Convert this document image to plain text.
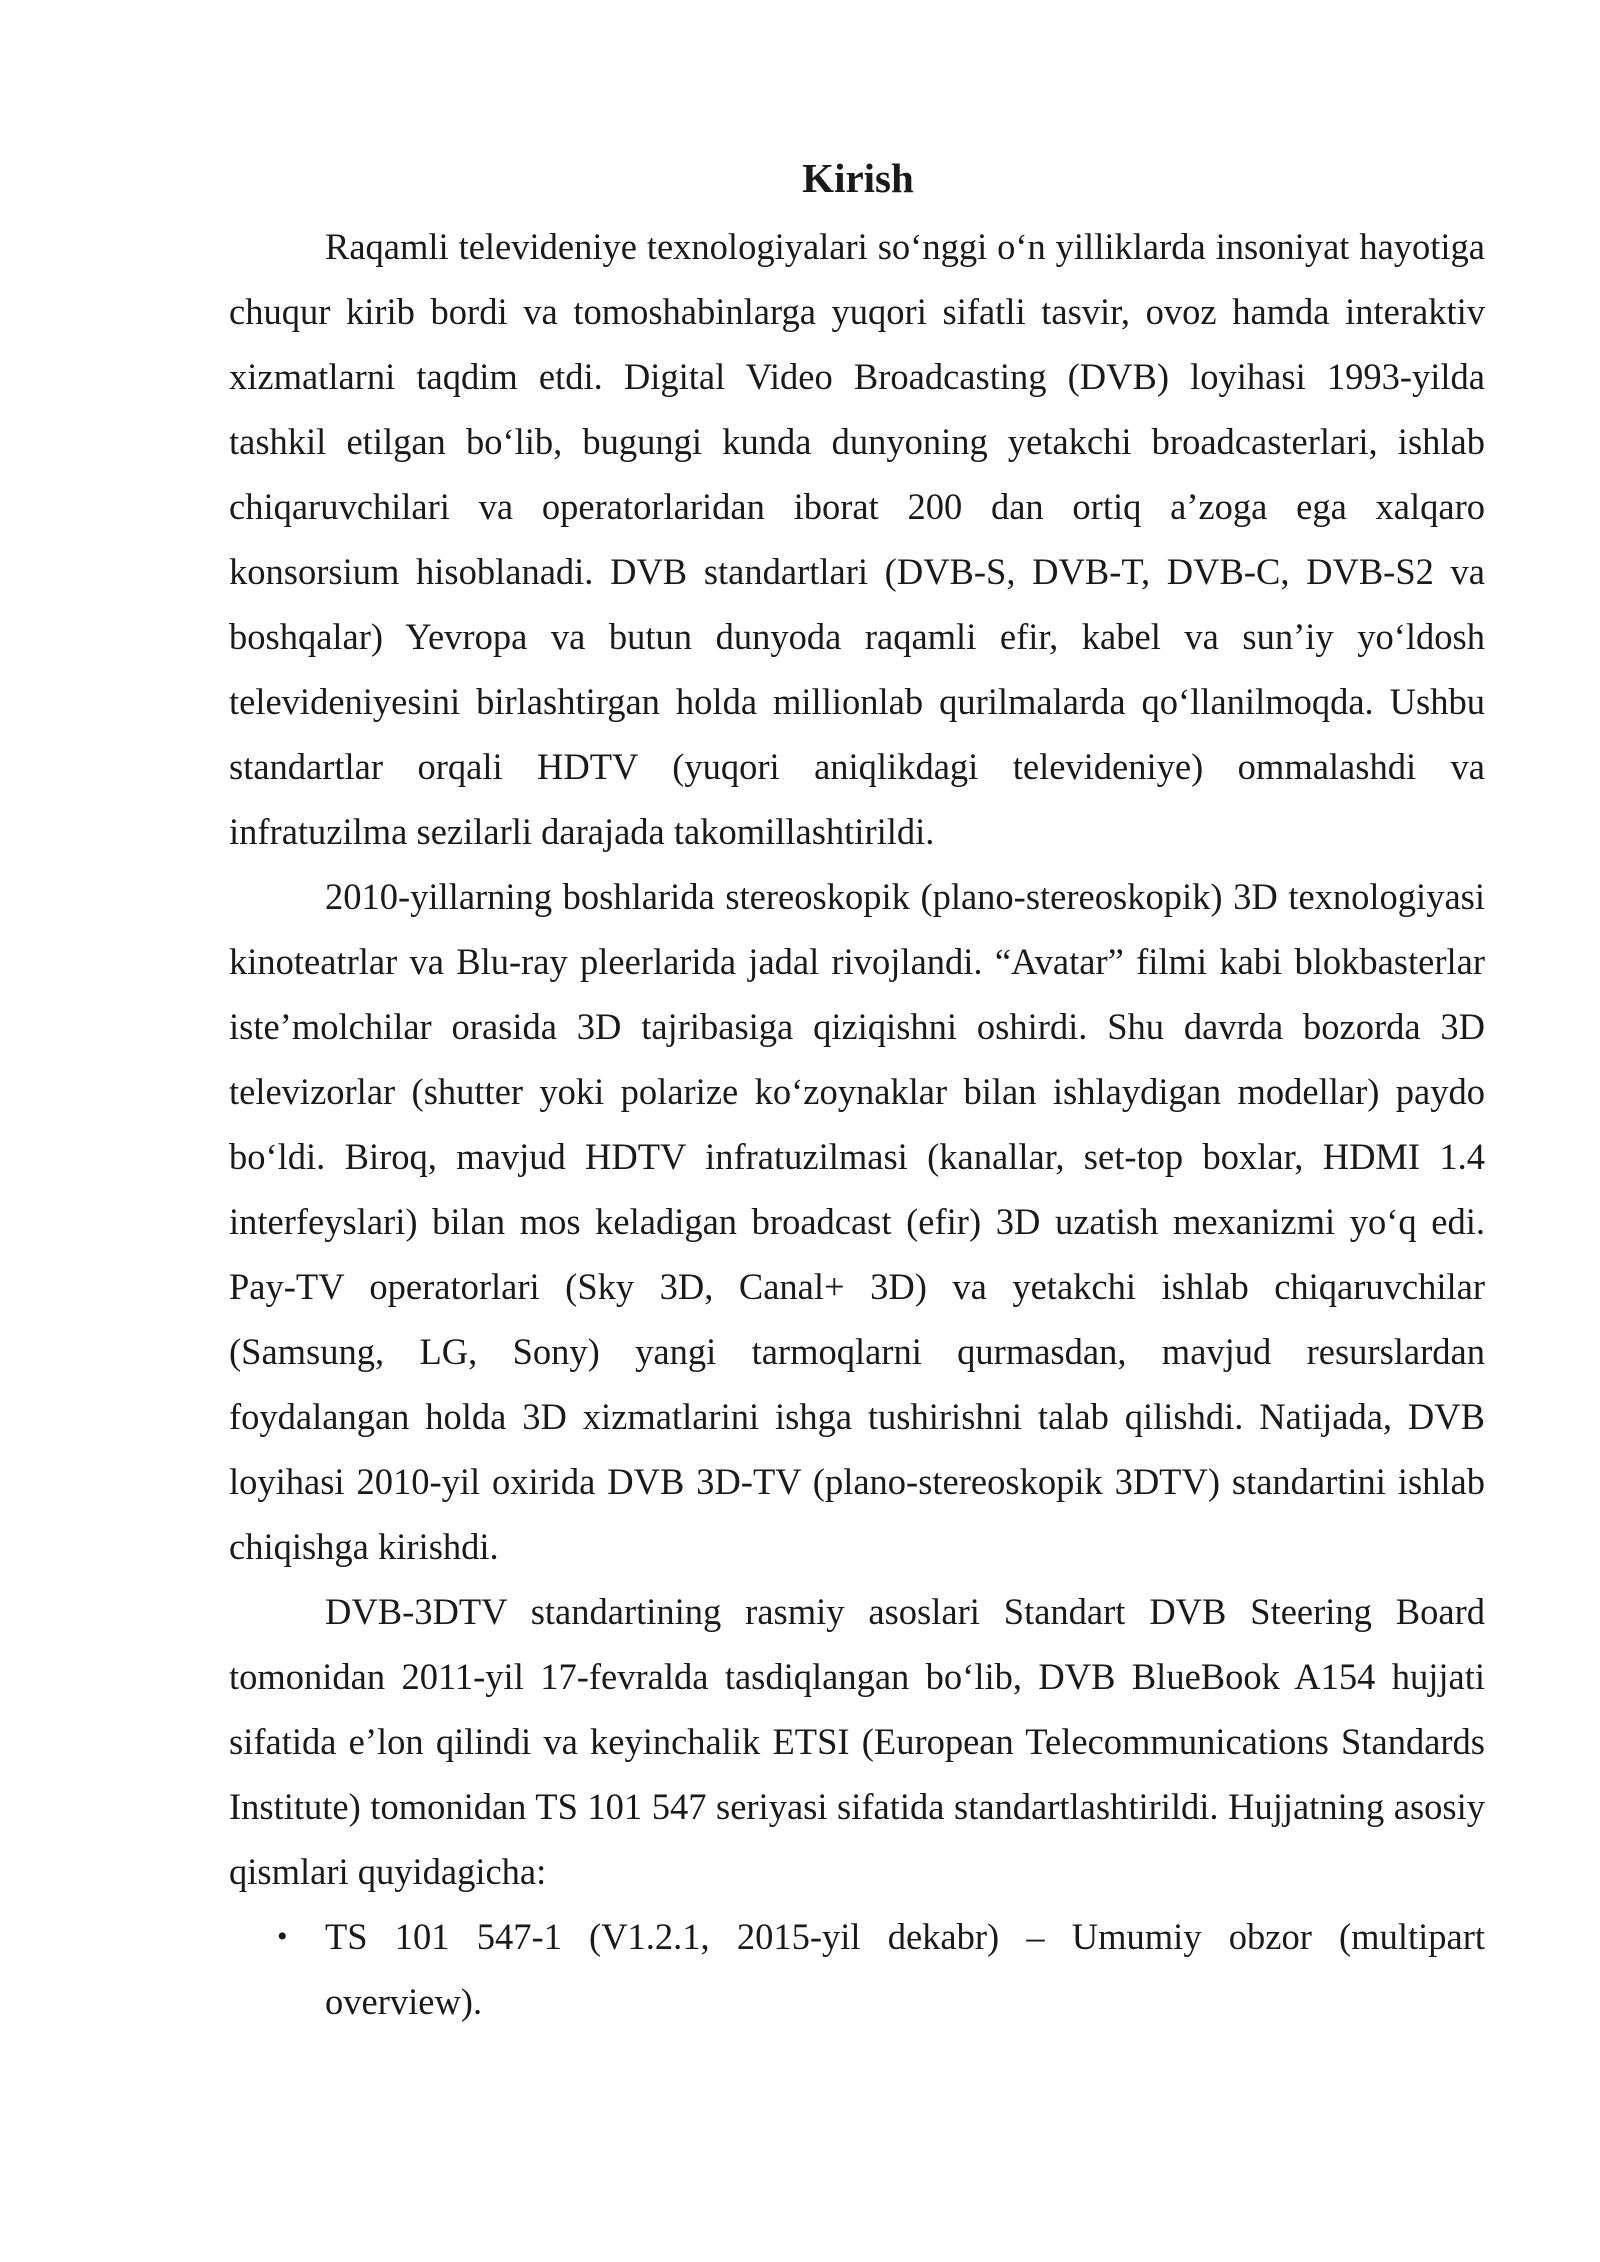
Kirish

Raqamli televideniye texnologiyalari so‘nggi o‘n yilliklarda insoniyat hayotiga chuqur kirib bordi va tomoshabinlarga yuqori sifatli tasvir, ovoz hamda interaktiv xizmatlarni taqdim etdi. Digital Video Broadcasting (DVB) loyihasi 1993-yilda tashkil etilgan bo‘lib, bugungi kunda dunyoning yetakchi broadcasterlari, ishlab chiqaruvchilari va operatorlaridan iborat 200 dan ortiq a’zoga ega xalqaro konsorsium hisoblanadi. DVB standartlari (DVB-S, DVB-T, DVB-C, DVB-S2 va boshqalar) Yevropa va butun dunyoda raqamli efir, kabel va sun’iy yo‘ldosh televideniyesini birlashtirgan holda millionlab qurilmalarda qo‘llanilmoqda. Ushbu standartlar orqali HDTV (yuqori aniqlikdagi televideniye) ommalashdi va infratuzilma sezilarli darajada takomillashtirildi.

2010-yillarning boshlarida stereoskopik (plano-stereoskopik) 3D texnologiyasi kinoteatrlar va Blu-ray pleerlarida jadal rivojlandi. “Avatar” filmi kabi blokbasterlar iste’molchilar orasida 3D tajribasiga qiziqishni oshirdi. Shu davrda bozorda 3D televizorlar (shutter yoki polarize ko‘zoynaklar bilan ishlaydigan modellar) paydo bo‘ldi. Biroq, mavjud HDTV infratuzilmasi (kanallar, set-top boxlar, HDMI 1.4 interfeyslari) bilan mos keladigan broadcast (efir) 3D uzatish mexanizmi yo‘q edi. Pay-TV operatorlari (Sky 3D, Canal+ 3D) va yetakchi ishlab chiqaruvchilar (Samsung, LG, Sony) yangi tarmoqlarni qurmasdan, mavjud resurslardan foydalangan holda 3D xizmatlarini ishga tushirishni talab qilishdi. Natijada, DVB loyihasi 2010-yil oxirida DVB 3D-TV (plano-stereoskopik 3DTV) standartini ishlab chiqishga kirishdi.

DVB-3DTV standartining rasmiy asoslari Standart DVB Steering Board tomonidan 2011-yil 17-fevralda tasdiqlangan bo‘lib, DVB BlueBook A154 hujjati sifatida e’lon qilindi va keyinchalik ETSI (European Telecommunications Standards Institute) tomonidan TS 101 547 seriyasi sifatida standartlashtirildi. Hujjatning asosiy qismlari quyidagicha:

•	TS 101 547-1 (V1.2.1, 2015-yil dekabr) – Umumiy obzor (multipart overview).
